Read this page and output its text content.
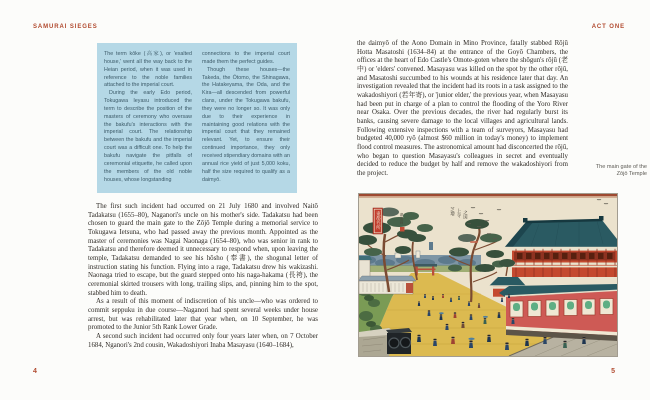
SAMURAI SIEGES

The term kōke (高家), or 'exalted house,' went all the way back to the Heian period, when it was used in reference to the noble families attached to the imperial court.

During the early Edo period, Tokugawa Ieyasu introduced the term to describe the position of the masters of ceremony who oversaw the bakufu's interactions with the imperial court. The relationship between the bakufu and the imperial court was a difficult one. To help the bakufu navigate the pitfalls of ceremonial etiquette, he called upon the members of the old noble houses, whose longstanding

connections to the imperial court made them the perfect guides.

Though these houses—the Takeda, the Ōtomo, the Shinagawa, the Hatakeyama, the Oda, and the Kira—all descended from powerful clans, under the Tokugawa bakufu, they were no longer so. It was only due to their experience in maintaining good relations with the imperial court that they remained relevant. Yet, to ensure their continued importance, they only received stipendiary domains with an annual rice yield of just 5,000 koku, half the size required to qualify as a daimyō.

The first such incident had occurred on 21 July 1680 and involved Naitō Tadakatsu (1655–80), Naganori's uncle on his mother's side. Tadakatsu had been chosen to guard the main gate to the Zōjō Temple during a memorial service to Tokugawa Ietsuna, who had passed away the previous month. Appointed as the master of ceremonies was Nagai Naonaga (1654–80), who was senior in rank to Tadakatsu and therefore deemed it unnecessary to respond when, upon leaving the temple, Tadakatsu demanded to see his hōsho (奉書), the shogunal letter of instruction stating his function. Flying into a rage, Tadakatsu drew his wakizashi. Naonaga tried to escape, but the guard stepped onto his naga-hakama (長袴), the ceremonial skirted trousers with long, trailing slips, and, pinning him to the spot, stabbed him to death.

As a result of this moment of indiscretion of his uncle—who was ordered to commit seppuku in due course—Naganori had spent several weeks under house arrest, but was rehabilitated later that year when, on 10 September, he was promoted to the Junior 5th Rank Lower Grade.

A second such incident had occurred only four years later when, on 7 October 1684, Nganori's 2nd cousin, Wakadoshiyori Inaba Masayasu (1640–1684),

4
ACT ONE

the daimyō of the Aono Domain in Mino Province, fatally stabbed Rōjū Hotta Masatoshi (1634–84) at the entrance of the Goyō Chambers, the offices at the heart of Edo Castle's Omote-goten where the shōgun's rōjū (老中) or 'elders' convened. Masayasu was killed on the spot by the other rōjū, and Masatoshi succumbed to his wounds at his residence later that day. An investigation revealed that the incident had its roots in a task assigned to the wakadoshiyori (若年寄), or 'junior elder,' the previous year, when Masayasu had been put in charge of a plan to control the flooding of the Yoro River near Osaka. Over the previous decades, the river had regularly burst its banks, causing severe damage to the local villages and agricultural lands. Following extensive inspections with a team of surveyors, Masayasu had budgeted 40,000 ryō (almost $60 million in today's money) to implement flood control measures. The astronomical amount had disconcerted the rōjū, who began to question Masayasu's colleagues in secret and eventually decided to reduce the budget by half and remove the wakadoshiyori from the project.

The main gate of the Zōjō Temple
東都名所	芝増 上寺 之図
廣重画
5
